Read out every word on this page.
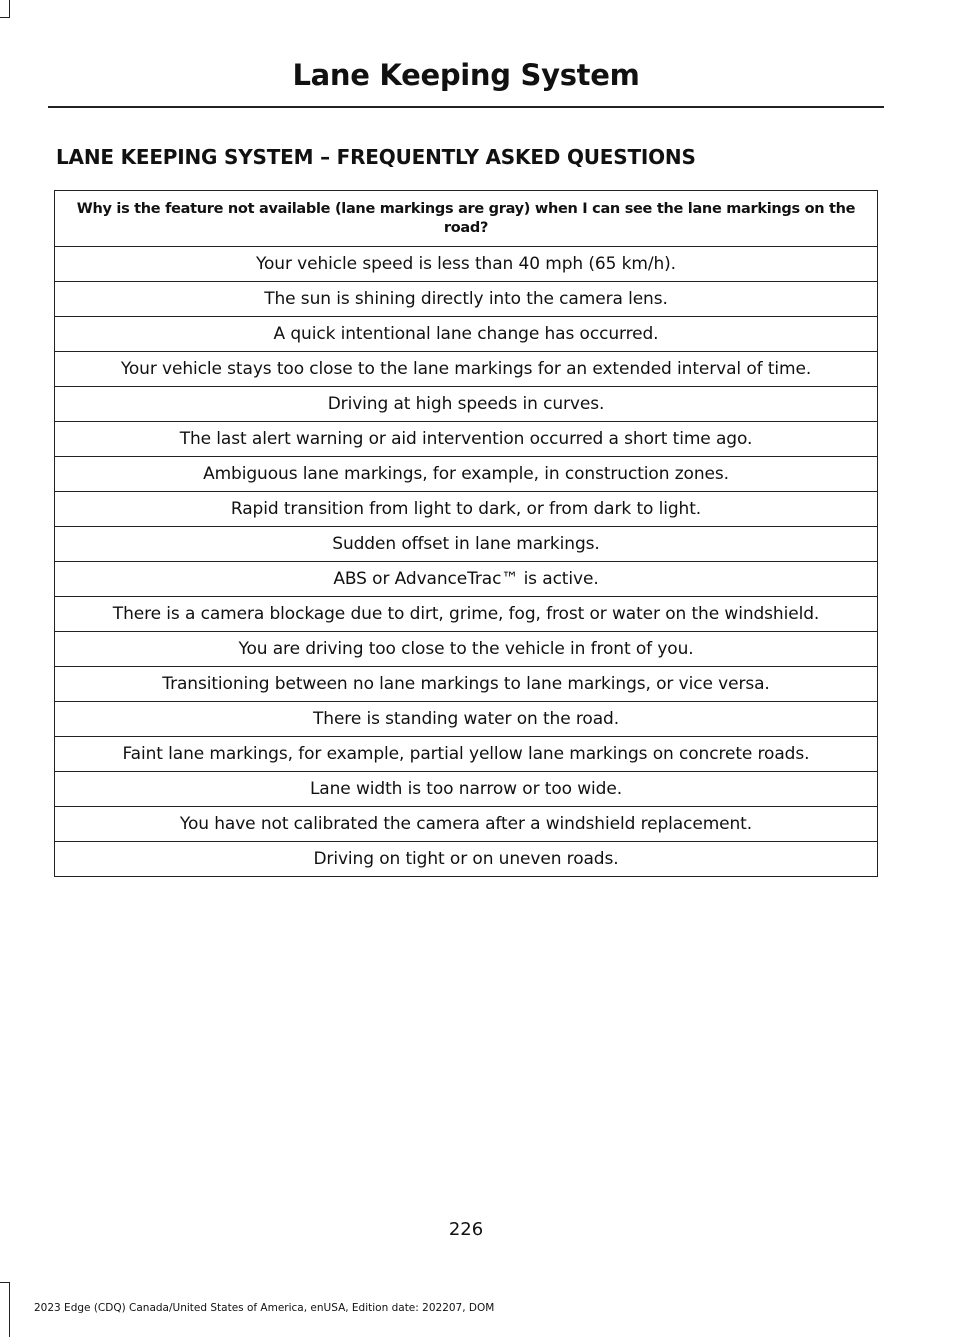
Lane Keeping System
LANE KEEPING SYSTEM – FREQUENTLY ASKED QUESTIONS
Why is the feature not available (lane markings are gray) when I can see the lane markings on the road?
Your vehicle speed is less than 40 mph (65 km/h).
The sun is shining directly into the camera lens.
A quick intentional lane change has occurred.
Your vehicle stays too close to the lane markings for an extended interval of time.
Driving at high speeds in curves.
The last alert warning or aid intervention occurred a short time ago.
Ambiguous lane markings, for example, in construction zones.
Rapid transition from light to dark, or from dark to light.
Sudden offset in lane markings.
ABS or AdvanceTrac™ is active.
There is a camera blockage due to dirt, grime, fog, frost or water on the windshield.
You are driving too close to the vehicle in front of you.
Transitioning between no lane markings to lane markings, or vice versa.
There is standing water on the road.
Faint lane markings, for example, partial yellow lane markings on concrete roads.
Lane width is too narrow or too wide.
You have not calibrated the camera after a windshield replacement.
Driving on tight or on uneven roads.
226
2023 Edge (CDQ) Canada/United States of America, enUSA, Edition date: 202207, DOM
